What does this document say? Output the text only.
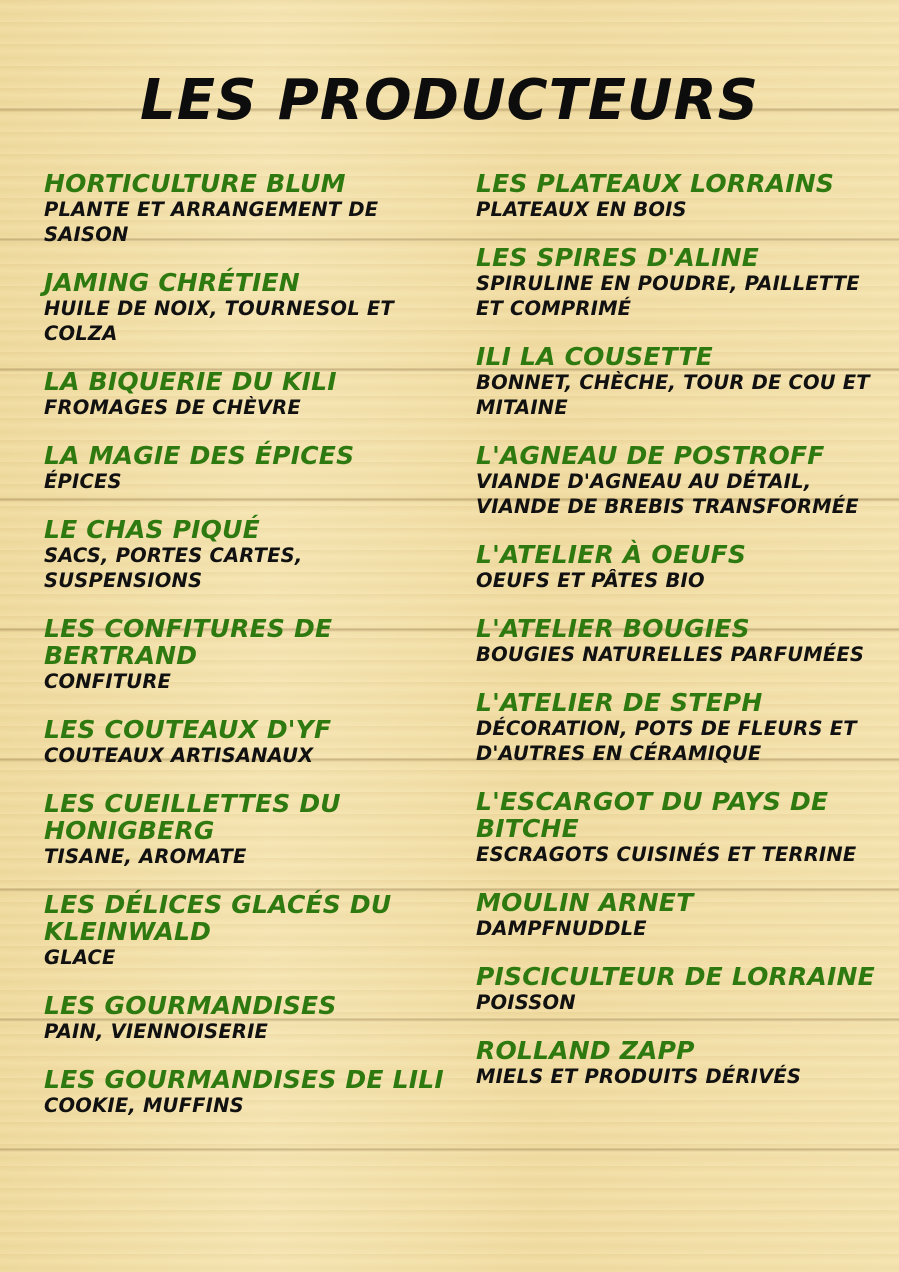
LES PRODUCTEURS
HORTICULTURE BLUM
PLANTE ET ARRANGEMENT DE SAISON
JAMING CHRÉTIEN
HUILE DE NOIX, TOURNESOL ET COLZA
LA BIQUERIE DU KILI
FROMAGES DE CHÈVRE
LA MAGIE DES ÉPICES
ÉPICES
LE CHAS PIQUÉ
SACS, PORTES CARTES, SUSPENSIONS
LES CONFITURES DE BERTRAND
CONFITURE
LES COUTEAUX D'YF
COUTEAUX ARTISANAUX
LES CUEILLETTES DU HONIGBERG
TISANE, AROMATE
LES DÉLICES GLACÉS DU KLEINWALD
GLACE
LES GOURMANDISES
PAIN, VIENNOISERIE
LES GOURMANDISES DE LILI
COOKIE, MUFFINS
LES PLATEAUX LORRAINS
PLATEAUX EN BOIS
LES SPIRES D'ALINE
SPIRULINE EN POUDRE, PAILLETTE ET COMPRIMÉ
ILI LA COUSETTE
BONNET, CHÈCHE, TOUR DE COU ET MITAINE
L'AGNEAU DE POSTROFF
VIANDE D'AGNEAU AU DÉTAIL, VIANDE DE BREBIS TRANSFORMÉE
L'ATELIER À OEUFS
OEUFS ET PÂTES BIO
L'ATELIER BOUGIES
BOUGIES NATURELLES PARFUMÉES
L'ATELIER DE STEPH
DÉCORATION, POTS DE FLEURS ET D'AUTRES EN CÉRAMIQUE
L'ESCARGOT DU PAYS DE BITCHE
ESCRAGOTS CUISINÉS ET TERRINE
MOULIN ARNET
DAMPFNUDDLE
PISCICULTEUR DE LORRAINE
POISSON
ROLLAND ZAPP
MIELS ET PRODUITS DÉRIVÉS
